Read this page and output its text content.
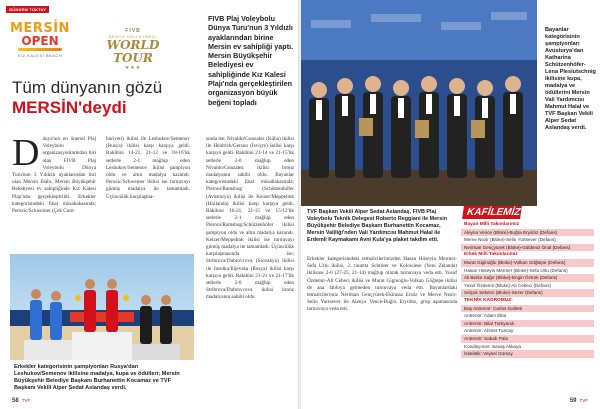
GÜNDEM TOKTAY
MERSİN
OPEN
KIZ KALESİ BEACH
FIVB
BEACH VOLLEYBALL
WORLD TOUR
★★★
Tüm dünyanın gözü
MERSİN'deydi
FIVB Plaj Voleybolu Dünya Turu'nun 3 Yıldızlı ayaklarından birine Mersin ev sahipliği yaptı. Mersin Büyükşehir Belediyesi ev sahipliğinde Kız Kalesi Plajı'nda gerçekleştirilen organizasyon büyük beğeni topladı
Dünya'nın en önemli Plaj Voleybolu organizasyonlarından biri olan FIVB Plaj Voleybolu Dünya Turu'nun 3 Yıldızlı ayaklarından biri olan Mersin Etabı, Mersin Büyükşehir Belediyesi ev sahipliğinde Kız Kalesi Plajı'nda gerçekleştirildi. Erkekler kategorisindeki final müsabakasında; Perusic/Schweiner (Çek Cum-
huriyeti) ikilisi ile Leshukov/Semenov (Rusya) ikilisi karşı karşıya geldi. Rakibini 14-21, 21-12 ve 18-16'lık setlerle 2-1 mağlup eden Leshukov/Semenov ikilisi şampiyon oldu ve altın madalya kazandı. Perusic/Schweiner ikilisi ise turnuvayı gümüş madalya ile tamamladı. Üçüncülük karşılaşma-
sında ise; Nivaldo/Gonzalez (Küba) ikilisi ile Heidrich/Gerson (İsviçre) ikilisi karşı karşıya geldi. Rakibini 21-14 ve 21-15'lik setlerle 2-0 mağlup eden Nivaldo/Gonzalez ikilisi bronz madalyanın sahibi oldu. Bayanlar kategorisindeki final müsabakasında; Pieroni/Ramsbog (Schützenhöfer (Avusturya) ikilisi ile Keizer/Meppelink (Hollanda) ikilisi karşı karşıya geldi. Rakibini 16-21, 21-15 ve 15-12'lik setlerle 2-1 mağlup eden Pieroni/Ramsbog/Schützenhöfer ikilisi şampiyon oldu ve altın madalya kazandı. Keizer/Meppelink ikilisi ise turnuvayı gümüş madalya ile tamamladı. Üçüncülük karşılaşmasında ise; Stribrova/Dubrovcova (Slovakya) ikilisi ile Jasolka/Ilijevska (Rusya) ikilisi karşı karşıya geldi. Rakibini 21-21 ve 21-17'lik setlerle 2-0 mağlup eden Stribrova/Dubrovcova ikilisi bronz madalyanın sahibi oldu.
Erkekler kategorisinin şampiyonları Rusya'dan Leshukov/Semenov ikilisine madalya, kupa ve ödülleri; Mersin Büyükşehir Belediye Başkanı Burhanettin Kocamaz ve TVF Başkanı Vekili Alper Sedat Aslandaş verdi.
58 TVF
Bayanlar kategorisinin şampiyonları Avusturya'dan Katharina Schützenhöfer-Lena Plesiutschnig ikilisine kupa, madalya ve ödüllerini Mersin Vali Yardımcısı Mahmut Halal ve TVF Başkan Vekili Alper Sedat Aslandaş verdi.
TVF Başkan Vekili Alper Sedat Aslandaş, FIVB Plaj Voleybolu Teknik Delegesi Roberto Reggiani ile Mersin Büyükşehir Belediye Başkanı Burhanettin Kocamaz, Mersin Valiliği'nden Vali Yardımcısı Mahmut Halal ile Erdemli Kaymakamı Avni Kula'ya plaket takdim etti.
Erkekler kategorisindeki temsilcilerimizden Hasan Hüseyin Mermer-Sefa Urlu ikilisi, 2. rauntta Schröter ve Kolowiese (Yeni Zelanda) ikilisine 2-0 (27-25, 21-14) mağlup olarak turnuvaya veda etti. Yusuf Özdemir-Ali Cebeci ikilisi ve Murat Giginoğlu-Volkan Göğtepe ikilisi de ana tabloya gelmeden turnuvaya veda etti. Bayanlardaki temsilcilerimiz Neriman Gençyürek-Ekinnaz Ersöz ve Merve Nezir-Selin Yurtsever ile Alenya Vence-Buğra Eryıldız, grup aşamasında turnuvaya veda etti.
KAFİLEMİZ:
Bayan Milli Takımlarımız
Aleyna Vence (Bloke)-Buğra Eryıldız (Defans)
Merve Nezir (Bloke)-Selin Yurtsever (Defans)
Neriman Gençyürek (Bloke)-Güldeniz Önal (Defans)
Erkek Milli Takımlarımız
Murat Giginoğlu (Bloke)-Volkan Göğtepe (Defans)
Hasan Hüseyin Mermer (Bloke)-Sefa Urlu (Defans)
Ali Berke Sağır (Bloke)-Engin Öztürk (Defans)
Yusuf Özdemir (Bloke)-Ali Cebeci (Defans)
Selçuk Sekerci (Bloke)-Sezer (Defans)
TEKNİK KADROMUZ:
Baş Antrenör: Carlos Galletti
Antrenör: Adam Ellal
Antrenör: Bilal Türkyandı
Antrenör: Ahmet Tuncay
Antrenör: Sabah Pala
Kondisyoner: Savaş Akkaya
İstatistik: Veysel Gürsoy
59 TVF
